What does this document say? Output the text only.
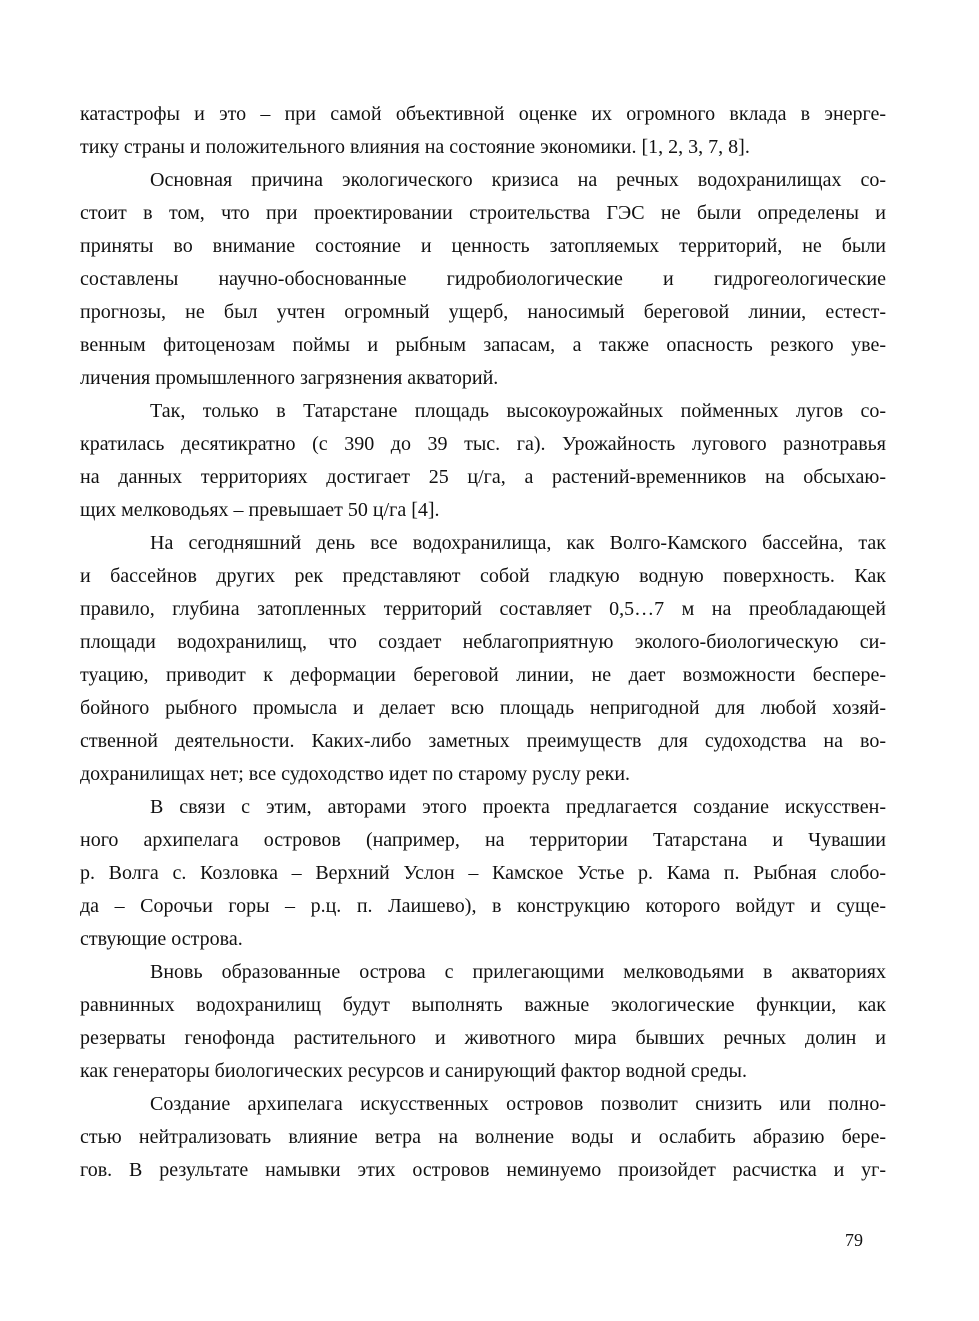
катастрофы и это – при самой объективной оценке их огромного вклада в энерге-
тику страны и положительного влияния на состояние экономики. [1, 2, 3, 7, 8].
Основная причина экологического кризиса на речных водохранилищах со-
стоит в том, что при проектировании строительства ГЭС не были определены и
приняты во внимание состояние и ценность затопляемых территорий, не были
составлены научно-обоснованные гидробиологические и гидрогеологические
прогнозы, не был учтен огромный ущерб, наносимый береговой линии, естест-
венным фитоценозам поймы и рыбным запасам, а также опасность резкого уве-
личения промышленного загрязнения акваторий.
Так, только в Татарстане площадь высокоурожайных пойменных лугов со-
кратилась десятикратно (с 390 до 39 тыс. га). Урожайность лугового разнотравья
на данных территориях достигает 25 ц/га, а растений-временников на обсыхаю-
щих мелководьях – превышает 50 ц/га [4].
На сегодняшний день все водохранилища, как Волго-Камского бассейна, так
и бассейнов других рек представляют собой гладкую водную поверхность. Как
правило, глубина затопленных территорий составляет 0,5…7 м на преобладающей
площади водохранилищ, что создает неблагоприятную эколого-биологическую си-
туацию, приводит к деформации береговой линии, не дает возможности беспере-
бойного рыбного промысла и делает всю площадь непригодной для любой хозяй-
ственной деятельности. Каких-либо заметных преимуществ для судоходства на во-
дохранилищах нет; все судоходство идет по старому руслу реки.
В связи с этим, авторами этого проекта предлагается создание искусствен-
ного архипелага островов (например, на территории Татарстана и Чувашии
р. Волга с. Козловка – Верхний Услон – Камское Устье р. Кама п. Рыбная слобо-
да – Сорочьи горы – р.ц. п. Лаишево), в конструкцию которого войдут и суще-
ствующие острова.
Вновь образованные острова с прилегающими мелководьями в акваториях
равнинных водохранилищ будут выполнять важные экологические функции, как
резерваты генофонда растительного и животного мира бывших речных долин и
как генераторы биологических ресурсов и санирующий фактор водной среды.
Создание архипелага искусственных островов позволит снизить или полно-
стью нейтрализовать влияние ветра на волнение воды и ослабить абразию бере-
гов. В результате намывки этих островов неминуемо произойдет расчистка и уг-
79
